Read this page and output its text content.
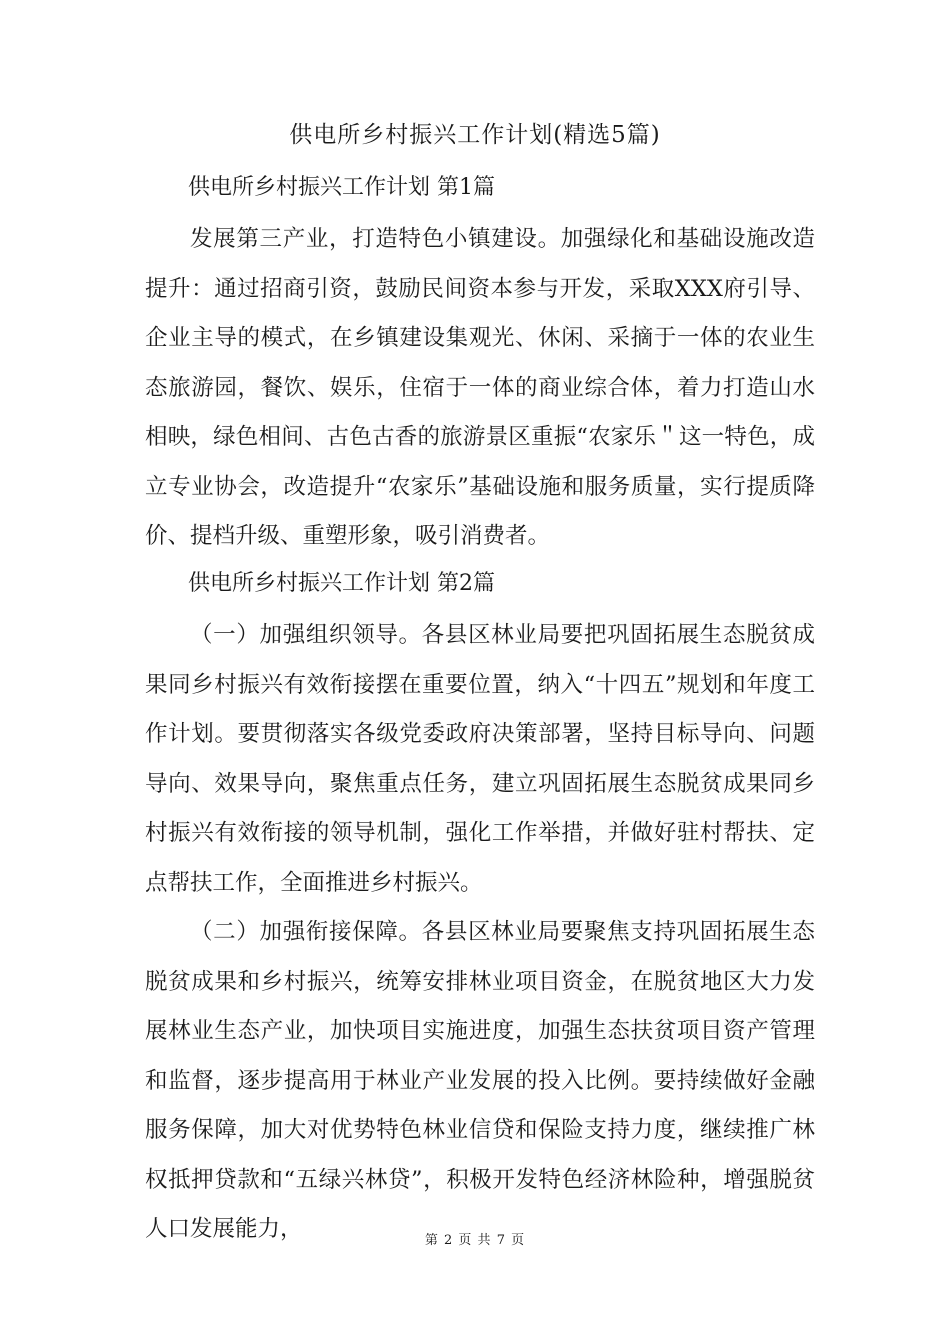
供电所乡村振兴工作计划(精选5篇)

供电所乡村振兴工作计划 第1篇

发展第三产业，打造特色小镇建设。加强绿化和基础设施改造提升：通过招商引资，鼓励民间资本参与开发，采取XXX府引导、企业主导的模式，在乡镇建设集观光、休闲、采摘于一体的农业生态旅游园，餐饮、娱乐，住宿于一体的商业综合体，着力打造山水相映，绿色相间、古色古香的旅游景区重振“农家乐＂这一特色，成立专业协会，改造提升“农家乐”基础设施和服务质量，实行提质降价、提档升级、重塑形象，吸引消费者。

供电所乡村振兴工作计划 第2篇

（一）加强组织领导。各县区林业局要把巩固拓展生态脱贫成果同乡村振兴有效衔接摆在重要位置，纳入“十四五”规划和年度工作计划。要贯彻落实各级党委政府决策部署，坚持目标导向、问题导向、效果导向，聚焦重点任务，建立巩固拓展生态脱贫成果同乡村振兴有效衔接的领导机制，强化工作举措，并做好驻村帮扶、定点帮扶工作，全面推进乡村振兴。

（二）加强衔接保障。各县区林业局要聚焦支持巩固拓展生态脱贫成果和乡村振兴，统筹安排林业项目资金，在脱贫地区大力发展林业生态产业，加快项目实施进度，加强生态扶贫项目资产管理和监督，逐步提高用于林业产业发展的投入比例。要持续做好金融服务保障，加大对优势特色林业信贷和保险支持力度，继续推广林权抵押贷款和“五绿兴林贷”，积极开发特色经济林险种，增强脱贫人口发展能力，	第 2 页 共 7 页
